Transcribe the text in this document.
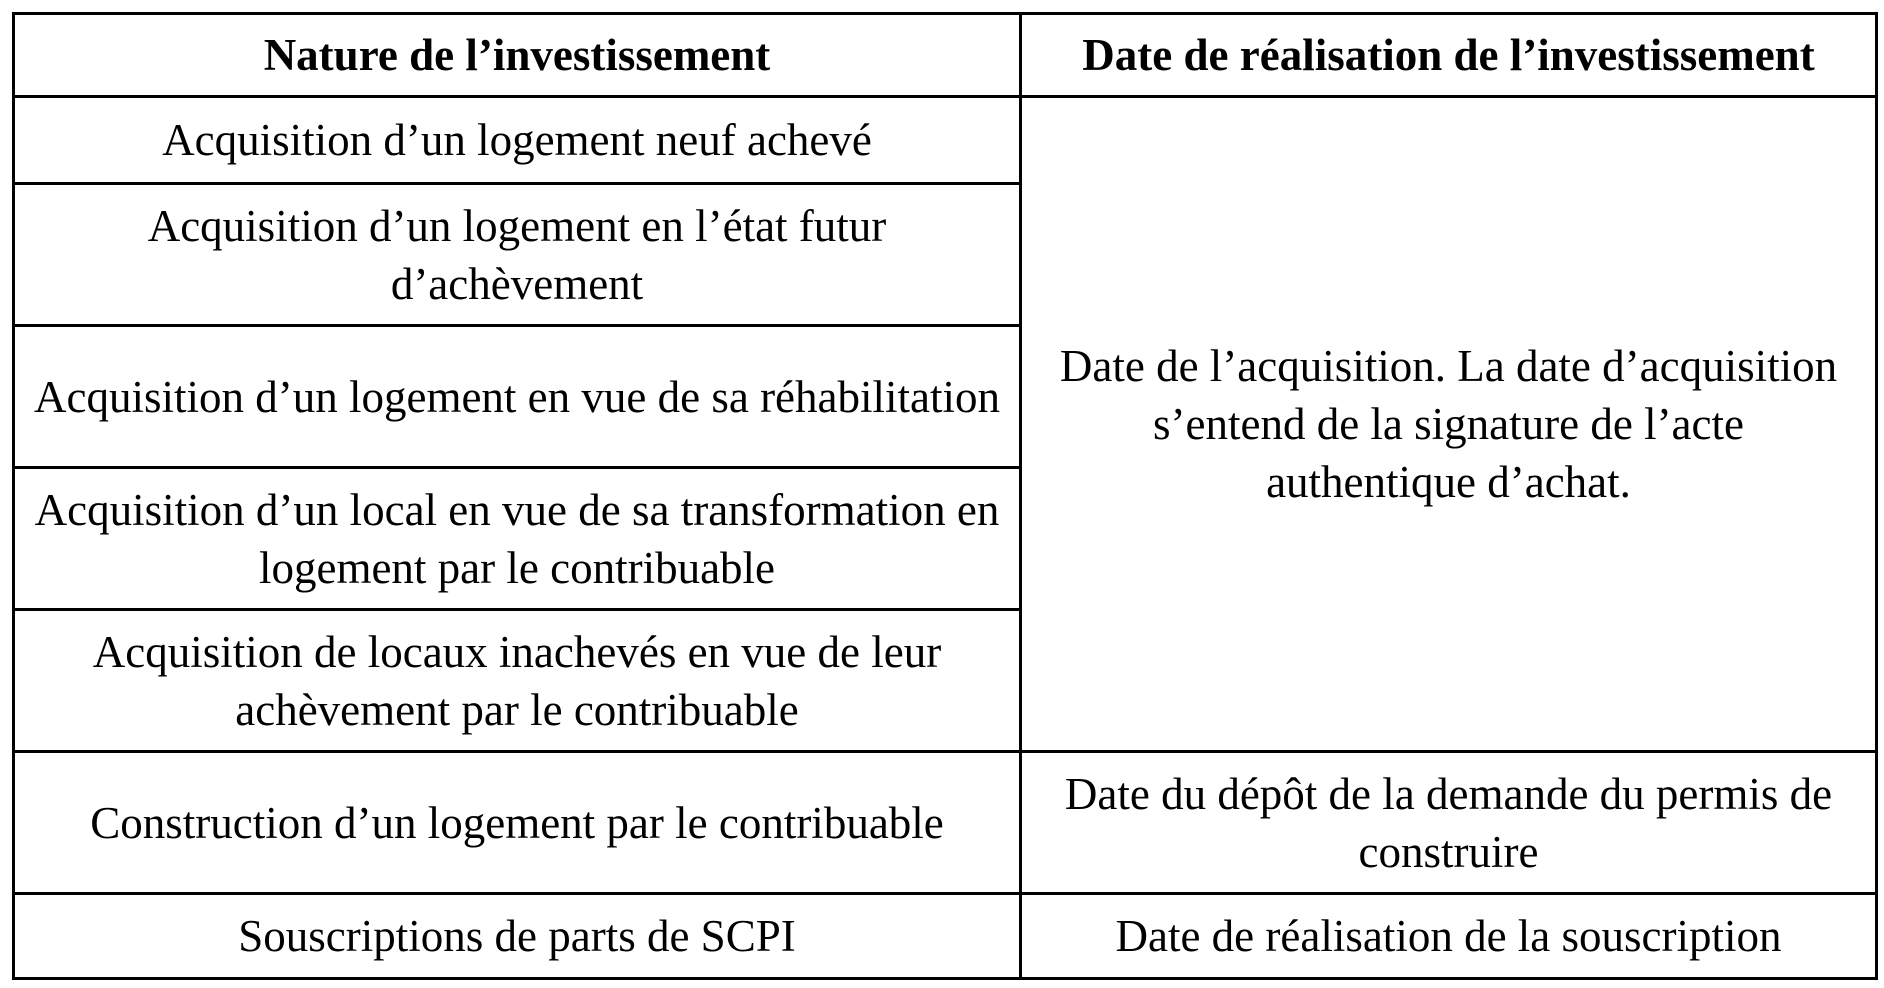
Nature de l’investissement	Date de réalisation de l’investissement
Acquisition d’un logement neuf achevé	Date de l’acquisition. La date d’acquisition s’entend de la signature de l’acte authentique d’achat.
Acquisition d’un logement en l’état futur d’achèvement	
Acquisition d’un logement en vue de sa réhabilitation	
Acquisition d’un local en vue de sa transformation en logement par le contribuable	
Acquisition de locaux inachevés en vue de leur achèvement par le contribuable	
Construction d’un logement par le contribuable	Date du dépôt de la demande du permis de construire
Souscriptions de parts de SCPI	Date de réalisation de la souscription
